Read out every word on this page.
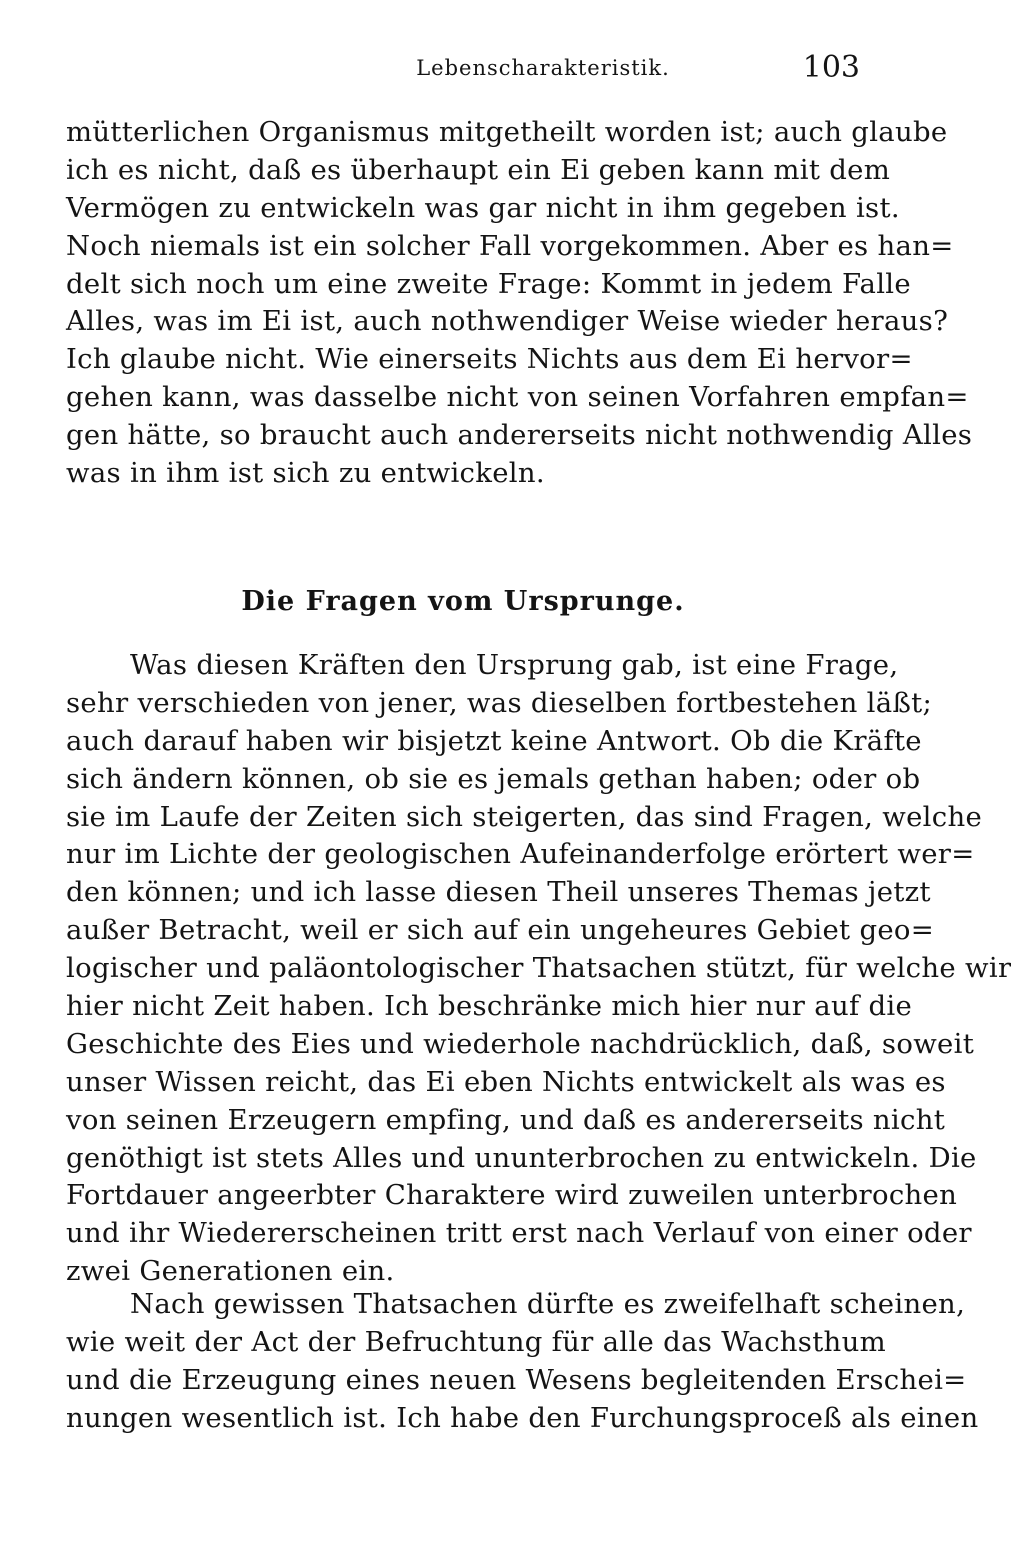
Lebenscharakteristik.	103
mütterlichen Organismus mitgetheilt worden ist; auch glaube
ich es nicht, daß es überhaupt ein Ei geben kann mit dem
Vermögen zu entwickeln was gar nicht in ihm gegeben ist.
Noch niemals ist ein solcher Fall vorgekommen. Aber es han=
delt sich noch um eine zweite Frage: Kommt in jedem Falle
Alles, was im Ei ist, auch nothwendiger Weise wieder heraus?
Ich glaube nicht. Wie einerseits Nichts aus dem Ei hervor=
gehen kann, was dasselbe nicht von seinen Vorfahren empfan=
gen hätte, so braucht auch andererseits nicht nothwendig Alles
was in ihm ist sich zu entwickeln.
Die Fragen vom Ursprunge.
Was diesen Kräften den Ursprung gab, ist eine Frage,
sehr verschieden von jener, was dieselben fortbestehen läßt;
auch darauf haben wir bisjetzt keine Antwort. Ob die Kräfte
sich ändern können, ob sie es jemals gethan haben; oder ob
sie im Laufe der Zeiten sich steigerten, das sind Fragen, welche
nur im Lichte der geologischen Aufeinanderfolge erörtert wer=
den können; und ich lasse diesen Theil unseres Themas jetzt
außer Betracht, weil er sich auf ein ungeheures Gebiet geo=
logischer und paläontologischer Thatsachen stützt, für welche wir
hier nicht Zeit haben. Ich beschränke mich hier nur auf die
Geschichte des Eies und wiederhole nachdrücklich, daß, soweit
unser Wissen reicht, das Ei eben Nichts entwickelt als was es
von seinen Erzeugern empfing, und daß es andererseits nicht
genöthigt ist stets Alles und ununterbrochen zu entwickeln. Die
Fortdauer angeerbter Charaktere wird zuweilen unterbrochen
und ihr Wiedererscheinen tritt erst nach Verlauf von einer oder
zwei Generationen ein.
Nach gewissen Thatsachen dürfte es zweifelhaft scheinen,
wie weit der Act der Befruchtung für alle das Wachsthum
und die Erzeugung eines neuen Wesens begleitenden Erschei=
nungen wesentlich ist. Ich habe den Furchungsproceß als einen
